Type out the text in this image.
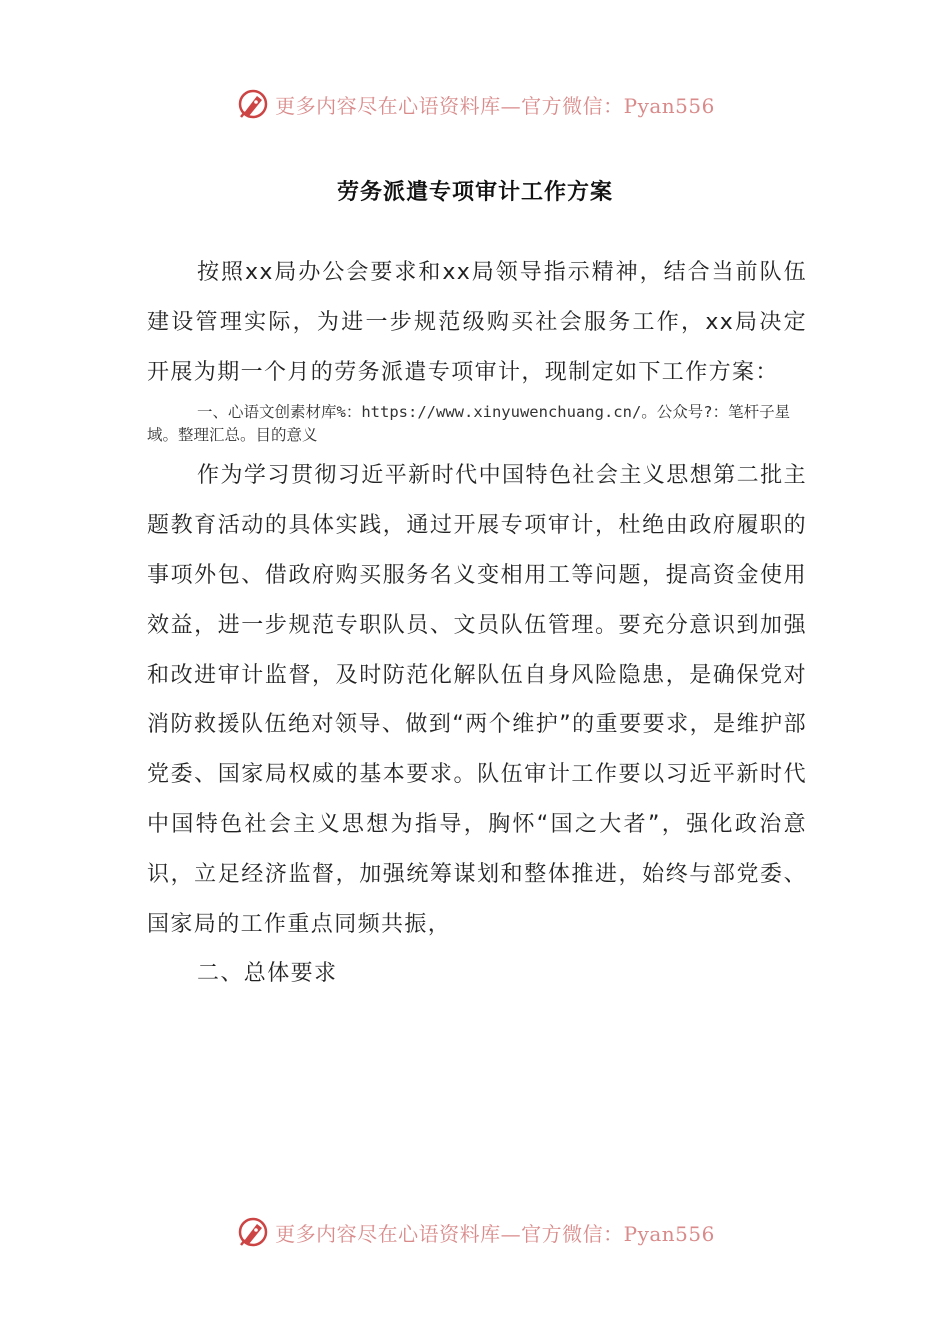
更多内容尽在心语资料库—官方微信：Pyan556
劳务派遣专项审计工作方案

按照xx局办公会要求和xx局领导指示精神，结合当前队伍建设管理实际，为进一步规范级购买社会服务工作，xx局决定开展为期一个月的劳务派遣专项审计，现制定如下工作方案：

一、心语文创素材库%：https://www.xinyuwenchuang.cn/。公众号?：笔杆子星域。整理汇总。目的意义

作为学习贯彻习近平新时代中国特色社会主义思想第二批主题教育活动的具体实践，通过开展专项审计，杜绝由政府履职的事项外包、借政府购买服务名义变相用工等问题，提高资金使用效益，进一步规范专职队员、文员队伍管理。要充分意识到加强和改进审计监督，及时防范化解队伍自身风险隐患，是确保党对消防救援队伍绝对领导、做到“两个维护”的重要要求，是维护部党委、国家局权威的基本要求。队伍审计工作要以习近平新时代中国特色社会主义思想为指导，胸怀“国之大者”，强化政治意识，立足经济监督，加强统筹谋划和整体推进，始终与部党委、国家局的工作重点同频共振，

二、总体要求

更多内容尽在心语资料库—官方微信：Pyan556
